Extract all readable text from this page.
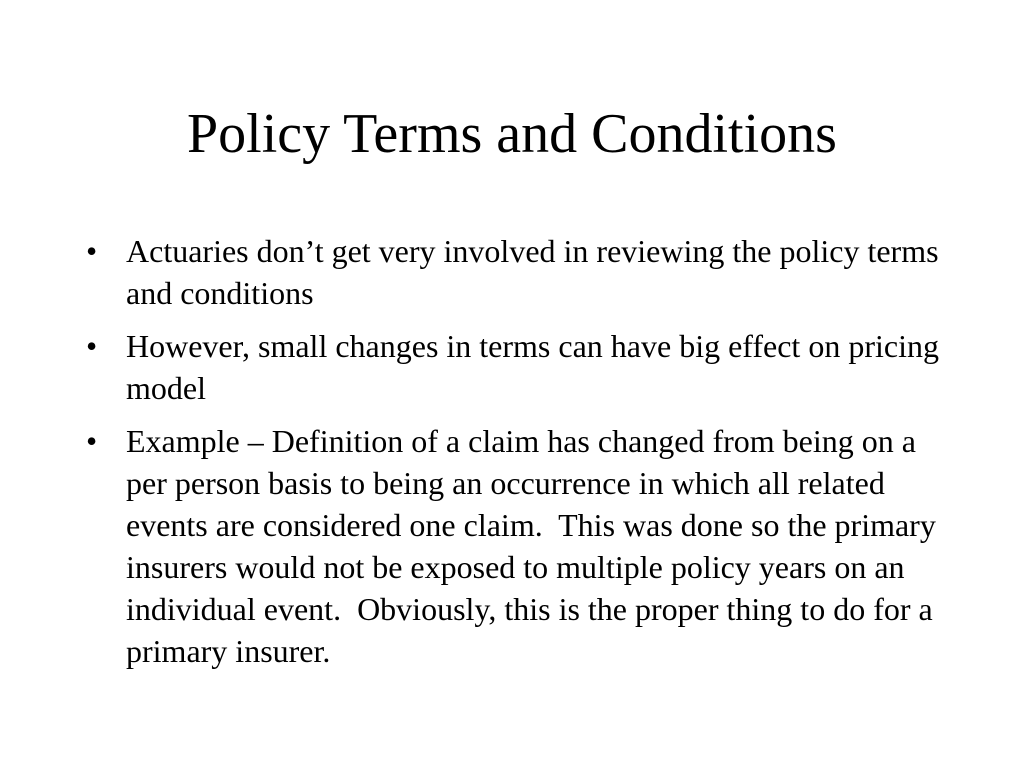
Policy Terms and Conditions
• Actuaries don’t get very involved in reviewing the policy terms and conditions
• However, small changes in terms can have big effect on pricing model
• Example – Definition of a claim has changed from being on a per person basis to being an occurrence in which all related events are considered one claim.  This was done so the primary insurers would not be exposed to multiple policy years on an individual event.  Obviously, this is the proper thing to do for a primary insurer.
